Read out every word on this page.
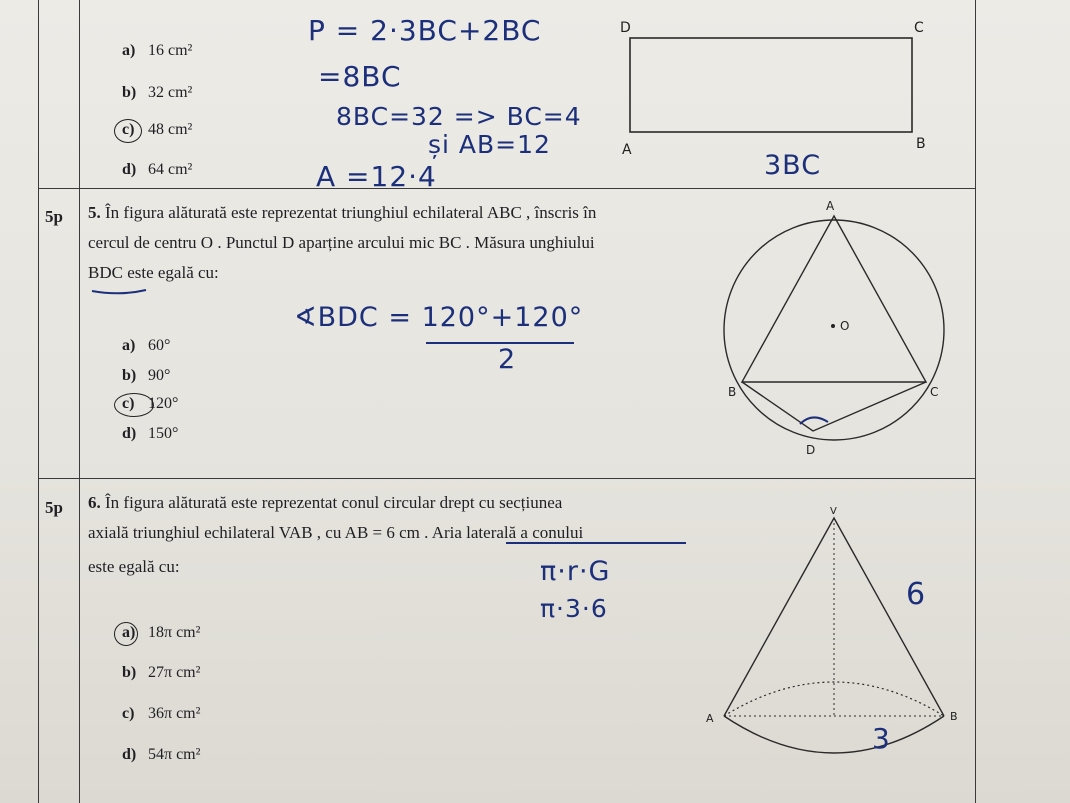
a) 16 cm²
b) 32 cm²
c) 48 cm²
d) 64 cm²
P = 2·3BC+2BC
=8BC
8BC=32 => BC=4
și AB=12
A =12·4	3BC
D	C
A	B
5p 5. În figura alăturată este reprezentat triunghiul echilateral ABC , înscris în
cercul de centru O . Punctul D aparține arcului mic BC . Măsura unghiului
BDC este egală cu:
a) 60°
b) 90°
c) 120°
d) 150°
∢BDC = 120°+120°
2
A
O
B	C
D
5p 6. În figura alăturată este reprezentat conul circular drept cu secțiunea
axială triunghiul echilateral VAB , cu AB = 6 cm . Aria laterală a conului
este egală cu:
a) 18π cm²
b) 27π cm²
c) 36π cm²
d) 54π cm²
π·r·G
π·3·6
V
A	B
6
3
